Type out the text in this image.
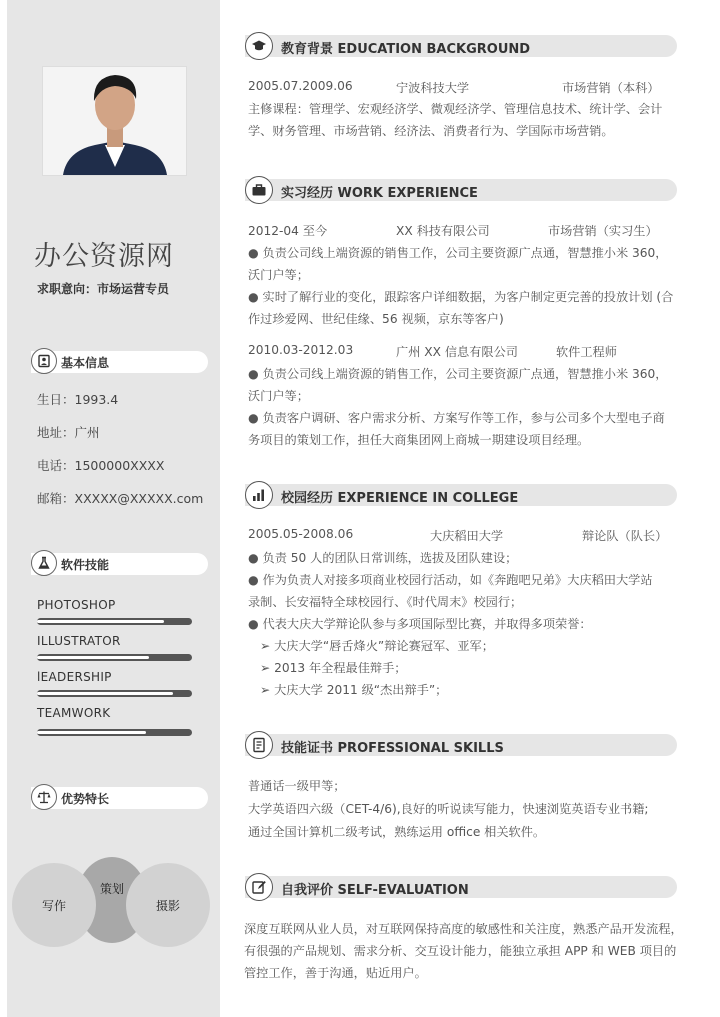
办公资源网
求职意向：市场运营专员
基本信息
生日：1993.4
地址：广州
电话：1500000XXXX
邮箱：XXXXX@XXXXX.com
软件技能
PHOTOSHOP
ILLUSTRATOR
lEADERSHIP
TEAMWORK
优势特长
策划
写作	摄影
教育背景 EDUCATION BACKGROUND
2005.07.2009.06	宁波科技大学	市场营销（本科）
主修课程：管理学、宏观经济学、微观经济学、管理信息技术、统计学、会计
学、财务管理、市场营销、经济法、消费者行为、学国际市场营销。
实习经历 WORK EXPERIENCE
2012-04 至今	XX 科技有限公司	市场营销（实习生）
● 负责公司线上端资源的销售工作，公司主要资源广点通，智慧推小米 360，
沃门户等；
● 实时了解行业的变化，跟踪客户详细数据，为客户制定更完善的投放计划 (合
作过珍爱网、世纪佳缘、56 视频，京东等客户)
2010.03-2012.03	广州 XX 信息有限公司	软件工程师
● 负责公司线上端资源的销售工作，公司主要资源广点通，智慧推小米 360，
沃门户等；
● 负责客户调研、客户需求分析、方案写作等工作，参与公司多个大型电子商
务项目的策划工作，担任大商集团网上商城一期建设项目经理。
校园经历 EXPERIENCE IN COLLEGE
2005.05-2008.06	大庆稻田大学	辩论队（队长）
● 负责 50 人的团队日常训练，选拔及团队建设；
● 作为负责人对接多项商业校园行活动，如《奔跑吧兄弟》大庆稻田大学站
录制、长安福特全球校园行、《时代周末》校园行；
● 代表大庆大学辩论队参与多项国际型比赛，并取得多项荣誉：
➢ 大庆大学“唇舌烽火”辩论赛冠军、亚军；
➢ 2013 年全程最佳辩手；
➢ 大庆大学 2011 级“杰出辩手”；
技能证书 PROFESSIONAL SKILLS
普通话一级甲等；
大学英语四六级（CET-4/6),良好的听说读写能力，快速浏览英语专业书籍;
通过全国计算机二级考试，熟练运用 office 相关软件。
自我评价 SELF-EVALUATION
深度互联网从业人员，对互联网保持高度的敏感性和关注度，熟悉产品开发流程，
有很强的产品规划、需求分析、交互设计能力，能独立承担 APP 和 WEB 项目的
管控工作，善于沟通，贴近用户。
